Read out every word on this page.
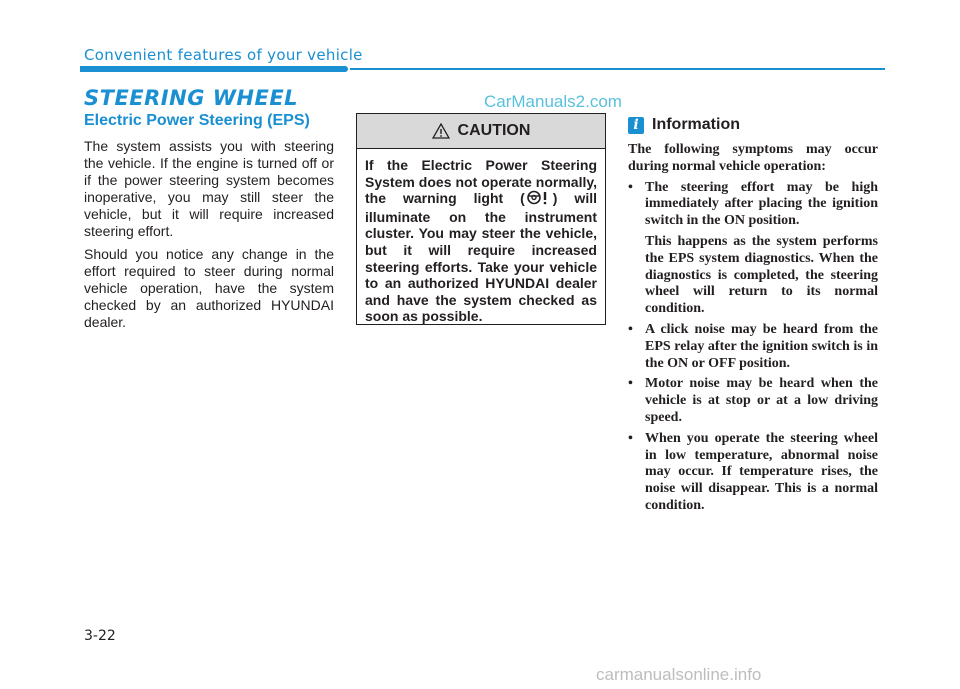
Convenient features of your vehicle
STEERING WHEEL	CarManuals2.com
Electric Power Steering (EPS)

The system assists you with steering the vehicle. If the engine is turned off or if the power steering system becomes inoperative, you may still steer the vehicle, but it will require increased steering effort.

Should you notice any change in the effort required to steer during normal vehicle operation, have the system checked by an authorized HYUNDAI dealer.

CAUTION
If the Electric Power Steering System does not operate normally, the warning light ( ) will illuminate on the instrument cluster. You may steer the vehicle, but it will require increased steering efforts. Take your vehicle to an authorized HYUNDAI dealer and have the system checked as soon as possible.
i Information

The following symptoms may occur during normal vehicle operation:

• The steering effort may be high immediately after placing the ignition switch in the ON position.

This happens as the system performs the EPS system diagnostics. When the diagnostics is completed, the steering wheel will return to its normal condition.

• A click noise may be heard from the EPS relay after the ignition switch is in the ON or OFF position.

• Motor noise may be heard when the vehicle is at stop or at a low driving speed.

• When you operate the steering wheel in low temperature, abnormal noise may occur. If temperature rises, the noise will disappear. This is a normal condition.

3-22
carmanualsonline.info
